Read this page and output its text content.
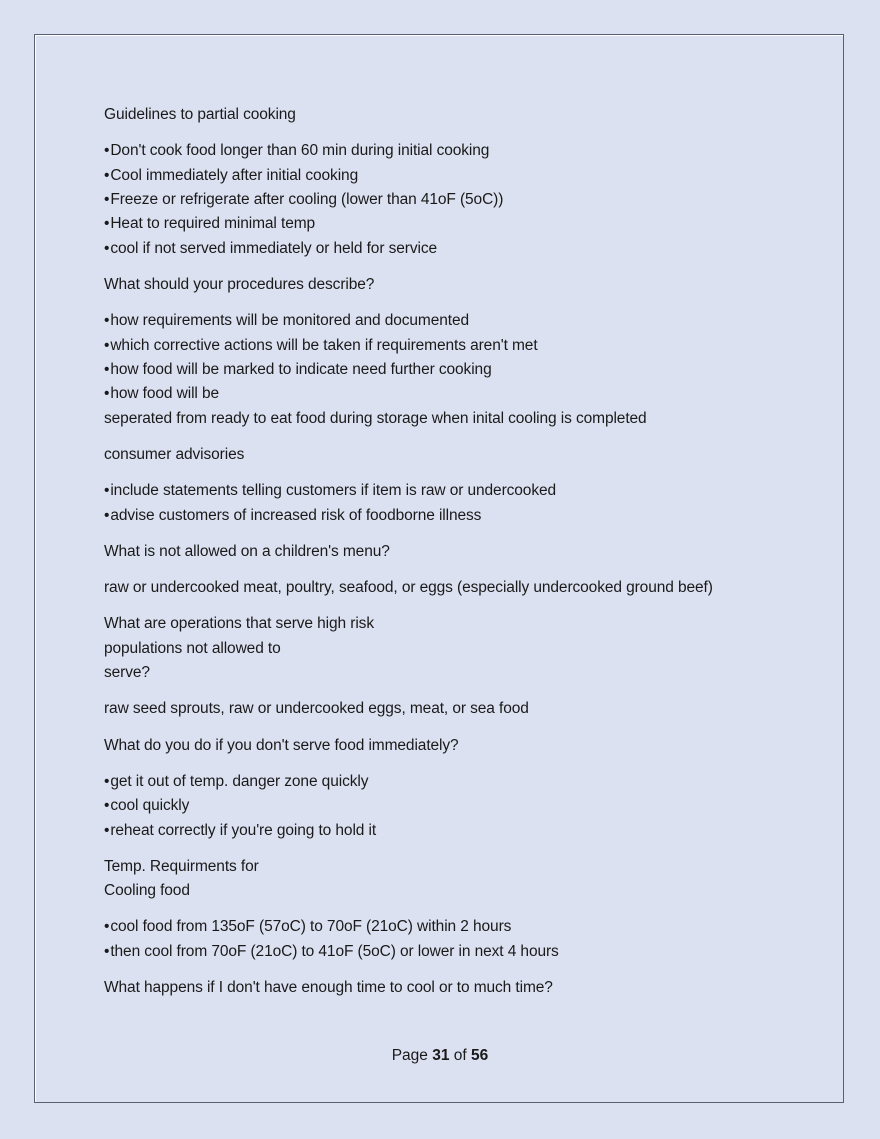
Guidelines to partial cooking
• Don't cook food longer than 60 min during initial cooking
• Cool immediately after initial cooking
• Freeze or refrigerate after cooling (lower than 41oF (5oC))
• Heat to required minimal temp
• cool if not served immediately or held for service
What should your procedures describe?
• how requirements will be monitored and documented
• which corrective actions will be taken if requirements aren't met
• how food will be marked to indicate need further cooking
• how food will be
seperated from ready to eat food during storage when inital cooling is completed
consumer advisories
• include statements telling customers if item is raw or undercooked
• advise customers of increased risk of foodborne illness
What is not allowed on a children's menu?
raw or undercooked meat, poultry, seafood, or eggs (especially undercooked ground beef)
What are operations that serve high risk
populations not allowed to
serve?
raw seed sprouts, raw or undercooked eggs, meat, or sea food
What do you do if you don't serve food immediately?
• get it out of temp. danger zone quickly
• cool quickly
• reheat correctly if you're going to hold it
Temp. Requirments for
Cooling food
• cool food from 135oF (57oC) to 70oF (21oC) within 2 hours
• then cool from 70oF (21oC) to 41oF (5oC) or lower in next 4 hours
What happens if I don't have enough time to cool or to much time?
Page 31 of 56
